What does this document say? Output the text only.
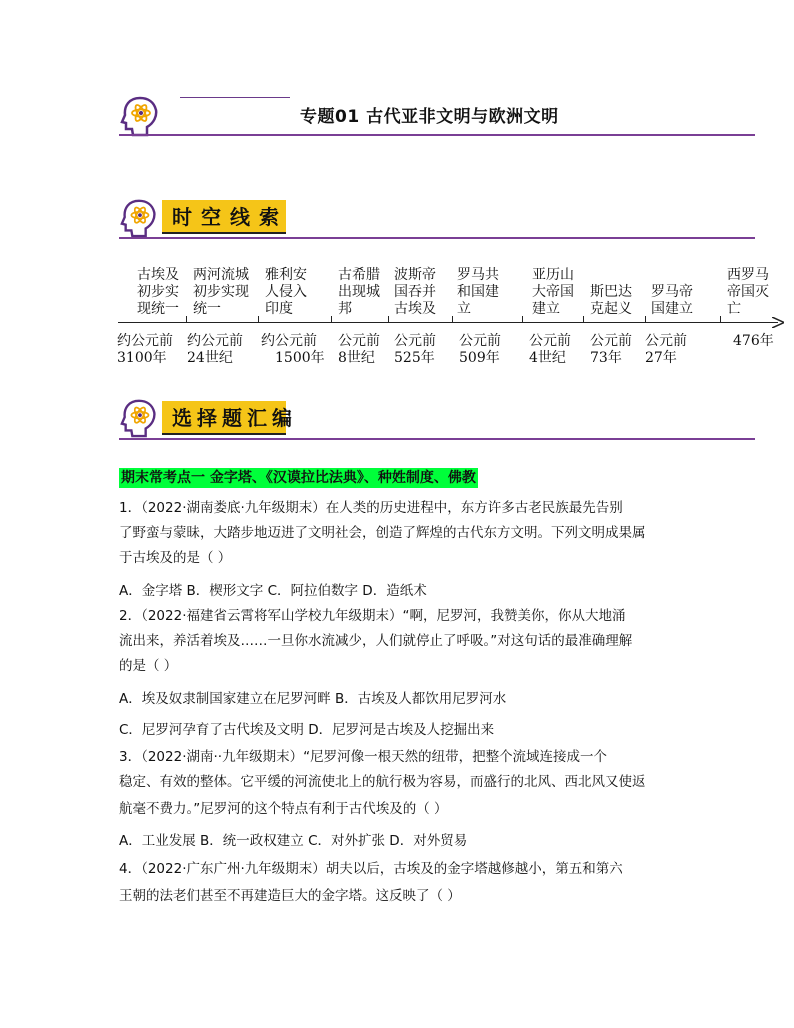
专题01 古代亚非文明与欧洲文明
时空线索
古埃及
初步实
现统一
两河流城
初步实现
统一
雅利安
人侵入
印度
古希腊
出现城
邦
波斯帝
国吞并
古埃及
罗马共
和国建
立
亚历山
大帝国
建立
斯巴达
克起义
罗马帝
国建立
西罗马
帝国灭
亡
约公元前
3100年	24世纪
约公元前 约公元前
1500年
公元前
8世纪
公元前
525年
公元前
509年
公元前
4世纪
公元前
73年
公元前
27年

476年
选择题汇编
期末常考点一 金字塔、《汉谟拉比法典》、种姓制度、佛教
1．（2022·湖南娄底·九年级期末）在人类的历史进程中，东方许多古老民族最先告别
了野蛮与蒙昧，大踏步地迈进了文明社会，创造了辉煌的古代东方文明。下列文明成果属
于古埃及的是（ ）
A．金字塔 B．楔形文字 C．阿拉伯数字 D．造纸术
2．（2022·福建省云霄将军山学校九年级期末）“啊，尼罗河，我赞美你，你从大地涌
流出来，养活着埃及……一旦你水流减少，人们就停止了呼吸。”对这句话的最准确理解
的是（ ）
A．埃及奴隶制国家建立在尼罗河畔 B．古埃及人都饮用尼罗河水
C．尼罗河孕育了古代埃及文明 D．尼罗河是古埃及人挖掘出来
3．（2022·湖南··九年级期末）“尼罗河像一根天然的纽带，把整个流域连接成一个
稳定、有效的整体。它平缓的河流使北上的航行极为容易，而盛行的北风、西北风又使返
航毫不费力。”尼罗河的这个特点有利于古代埃及的（ ）
A．工业发展 B．统一政权建立 C．对外扩张 D．对外贸易
4．（2022·广东广州·九年级期末）胡夫以后，古埃及的金字塔越修越小，第五和第六
王朝的法老们甚至不再建造巨大的金字塔。这反映了（ ）
